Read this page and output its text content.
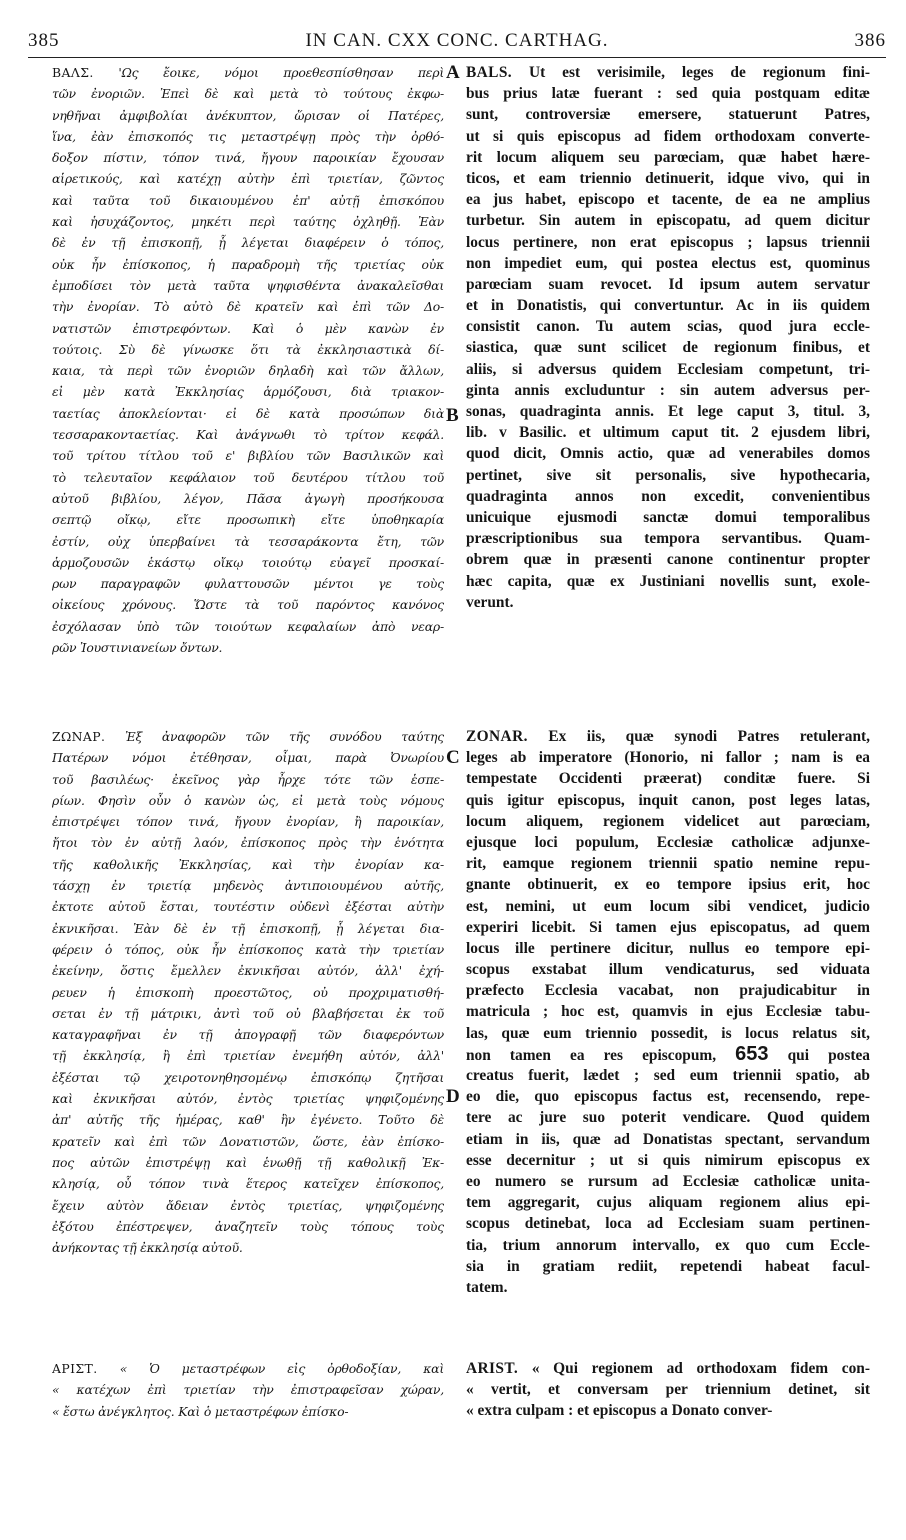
385	IN CAN. CXX CONC. CARTHAG.	386
A
B
C
D
ΒΑΛΣ. 'Ως ἔοικε, νόμοι προεθεσπίσθησαν περὶ
τῶν ἐνοριῶν. Ἐπεὶ δὲ καὶ μετὰ τὸ τούτους ἐκφω-
νηθῆναι ἀμφιβολίαι ἀνέκυπτον, ὥρισαν οἱ Πατέρες,
ἵνα, ἐὰν ἐπισκοπός τις μεταστρέψῃ πρὸς τὴν ὀρθό-
δοξον πίστιν, τόπον τινά, ἤγουν παροικίαν ἔχουσαν
αἱρετικούς, καὶ κατέχῃ αὐτὴν ἐπὶ τριετίαν, ζῶντος
καὶ ταῦτα τοῦ δικαιουμένου ἐπ' αὐτῇ ἐπισκόπου
καὶ ἡσυχάζοντος, μηκέτι περὶ ταύτης ὀχληθῇ. Ἐὰν
δὲ ἐν τῇ ἐπισκοπῇ, ᾗ λέγεται διαφέρειν ὁ τόπος,
οὐκ ἦν ἐπίσκοπος, ἡ παραδρομὴ τῆς τριετίας οὐκ
ἐμποδίσει τὸν μετὰ ταῦτα ψηφισθέντα ἀνακαλεῖσθαι
τὴν ἐνορίαν. Τὸ αὐτὸ δὲ κρατεῖν καὶ ἐπὶ τῶν Δο-
νατιστῶν ἐπιστρεφόντων. Καὶ ὁ μὲν κανὼν ἐν
τούτοις. Σὺ δὲ γίνωσκε ὅτι τὰ ἐκκλησιαστικὰ δί-
καια, τὰ περὶ τῶν ἐνοριῶν δηλαδὴ καὶ τῶν ἄλλων,
εἰ μὲν κατὰ Ἐκκλησίας ἁρμόζουσι, διὰ τριακον-
ταετίας ἀποκλείονται· εἰ δὲ κατὰ προσώπων διὰ
τεσσαρακονταετίας. Καὶ ἀνάγνωθι τὸ τρίτον κεφάλ.
τοῦ τρίτου τίτλου τοῦ ε' βιβλίου τῶν Βασιλικῶν καὶ
τὸ τελευταῖον κεφάλαιον τοῦ δευτέρου τίτλου τοῦ
αὐτοῦ βιβλίου, λέγον, Πᾶσα ἀγωγὴ προσήκουσα
σεπτῷ οἴκῳ, εἴτε προσωπικὴ εἴτε ὑποθηκαρία
ἐστίν, οὐχ ὑπερβαίνει τὰ τεσσαράκοντα ἔτη, τῶν
ἁρμοζουσῶν ἑκάστῳ οἴκῳ τοιούτῳ εὐαγεῖ προσκαί-
ρων παραγραφῶν φυλαττουσῶν μέντοι γε τοὺς
οἰκείους χρόνους. Ὥστε τὰ τοῦ παρόντος κανόνος
ἐσχόλασαν ὑπὸ τῶν τοιούτων κεφαλαίων ἀπὸ νεαρ-
ρῶν Ἰουστινιανείων ὄντων.
ΖΩΝΑΡ. Ἐξ ἀναφορῶν τῶν τῆς συνόδου ταύτης
Πατέρων νόμοι ἐτέθησαν, οἶμαι, παρὰ Ὀνωρίου
τοῦ βασιλέως· ἐκεῖνος γὰρ ἦρχε τότε τῶν ἑσπε-
ρίων. Φησὶν οὖν ὁ κανὼν ὡς, εἰ μετὰ τοὺς νόμους
ἐπιστρέψει τόπον τινά, ἤγουν ἐνορίαν, ἢ παροικίαν,
ἤτοι τὸν ἐν αὐτῇ λαόν, ἐπίσκοπος πρὸς τὴν ἑνότητα
τῆς καθολικῆς Ἐκκλησίας, καὶ τὴν ἐνορίαν κα-
τάσχῃ ἐν τριετίᾳ μηδενὸς ἀντιποιουμένου αὐτῆς,
ἐκτοτε αὐτοῦ ἔσται, τουτέστιν οὐδενὶ ἐξέσται αὐτὴν
ἐκνικῆσαι. Ἐὰν δὲ ἐν τῇ ἐπισκοπῇ, ᾗ λέγεται δια-
φέρειν ὁ τόπος, οὐκ ἦν ἐπίσκοπος κατὰ τὴν τριετίαν
ἐκείνην, ὅστις ἔμελλεν ἐκνικῆσαι αὐτόν, ἀλλ' ἐχή-
ρευεν ἡ ἐπισκοπὴ προεστῶτος, οὐ προχριματισθή-
σεται ἐν τῇ μάτρικι, ἀντὶ τοῦ οὐ βλαβήσεται ἐκ τοῦ
καταγραφῆναι ἐν τῇ ἀπογραφῇ τῶν διαφερόντων
τῇ ἐκκλησίᾳ, ἢ ἐπὶ τριετίαν ἐνεμήθη αὐτόν, ἀλλ'
ἐξέσται τῷ χειροτονηθησομένῳ ἐπισκόπῳ ζητῆσαι
καὶ ἐκνικῆσαι αὐτόν, ἐντὸς τριετίας ψηφιζομένης
ἀπ' αὐτῆς τῆς ἡμέρας, καθ' ἣν ἐγένετο. Τοῦτο δὲ
κρατεῖν καὶ ἐπὶ τῶν Δονατιστῶν, ὥστε, ἐὰν ἐπίσκο-
πος αὐτῶν ἐπιστρέψῃ καὶ ἑνωθῇ τῇ καθολικῇ Ἐκ-
κλησίᾳ, οὗ τόπον τινὰ ἕτερος κατεῖχεν ἐπίσκοπος,
ἔχειν αὐτὸν ἄδειαν ἐντὸς τριετίας, ψηφιζομένης
ἐξότου ἐπέστρεψεν, ἀναζητεῖν τοὺς τόπους τοὺς
ἀνήκοντας τῇ ἐκκλησίᾳ αὐτοῦ.
ΑΡΙΣΤ. « Ὁ μεταστρέφων εἰς ὀρθοδοξίαν, καὶ
« κατέχων ἐπὶ τριετίαν τὴν ἐπιστραφεῖσαν χώραν,
« ἔστω ἀνέγκλητος. Καὶ ὁ μεταστρέφων ἐπίσκο-
BALS. Ut est verisimile, leges de regionum fini-
bus prius latæ fuerant : sed quia postquam editæ
sunt, controversiæ emersere, statuerunt Patres,
ut si quis episcopus ad fidem orthodoxam converte-
rit locum aliquem seu parœciam, quæ habet hære-
ticos, et eam triennio detinuerit, idque vivo, qui in
ea jus habet, episcopo et tacente, de ea ne amplius
turbetur. Sin autem in episcopatu, ad quem dicitur
locus pertinere, non erat episcopus ; lapsus triennii
non impediet eum, qui postea electus est, quominus
parœciam suam revocet. Id ipsum autem servatur
et in Donatistis, qui convertuntur. Ac in iis quidem
consistit canon. Tu autem scias, quod jura eccle-
siastica, quæ sunt scilicet de regionum finibus, et
aliis, si adversus quidem Ecclesiam competunt, tri-
ginta annis excluduntur : sin autem adversus per-
sonas, quadraginta annis. Et lege caput 3, titul. 3,
lib. v Basilic. et ultimum caput tit. 2 ejusdem libri,
quod dicit, Omnis actio, quæ ad venerabiles domos
pertinet, sive sit personalis, sive hypothecaria,
quadraginta annos non excedit, convenientibus
unicuique ejusmodi sanctæ domui temporalibus
præscriptionibus sua tempora servantibus. Quam-
obrem quæ in præsenti canone continentur propter
hæc capita, quæ ex Justiniani novellis sunt, exole-
verunt.
ZONAR. Ex iis, quæ synodi Patres retulerant,
leges ab imperatore (Honorio, ni fallor ; nam is ea
tempestate Occidenti præerat) conditæ fuere. Si
quis igitur episcopus, inquit canon, post leges latas,
locum aliquem, regionem videlicet aut parœciam,
ejusque loci populum, Ecclesiæ catholicæ adjunxe-
rit, eamque regionem triennii spatio nemine repu-
gnante obtinuerit, ex eo tempore ipsius erit, hoc
est, nemini, ut eum locum sibi vendicet, judicio
experiri licebit. Si tamen ejus episcopatus, ad quem
locus ille pertinere dicitur, nullus eo tempore epi-
scopus exstabat illum vendicaturus, sed viduata
præfecto Ecclesia vacabat, non prajudicabitur in
matricula ; hoc est, quamvis in ejus Ecclesiæ tabu-
las, quæ eum triennio possedit, is locus relatus sit,
non tamen ea res episcopum, 653 qui postea
creatus fuerit, lædet ; sed eum triennii spatio, ab
eo die, quo episcopus factus est, recensendo, repe-
tere ac jure suo poterit vendicare. Quod quidem
etiam in iis, quæ ad Donatistas spectant, servandum
esse decernitur ; ut si quis nimirum episcopus ex
eo numero se rursum ad Ecclesiæ catholicæ unita-
tem aggregarit, cujus aliquam regionem alius epi-
scopus detinebat, loca ad Ecclesiam suam pertinen-
tia, trium annorum intervallo, ex quo cum Eccle-
sia in gratiam rediit, repetendi habeat facul-
tatem.
ARIST. « Qui regionem ad orthodoxam fidem con-
« vertit, et conversam per triennium detinet, sit
« extra culpam : et episcopus a Donato conver-
